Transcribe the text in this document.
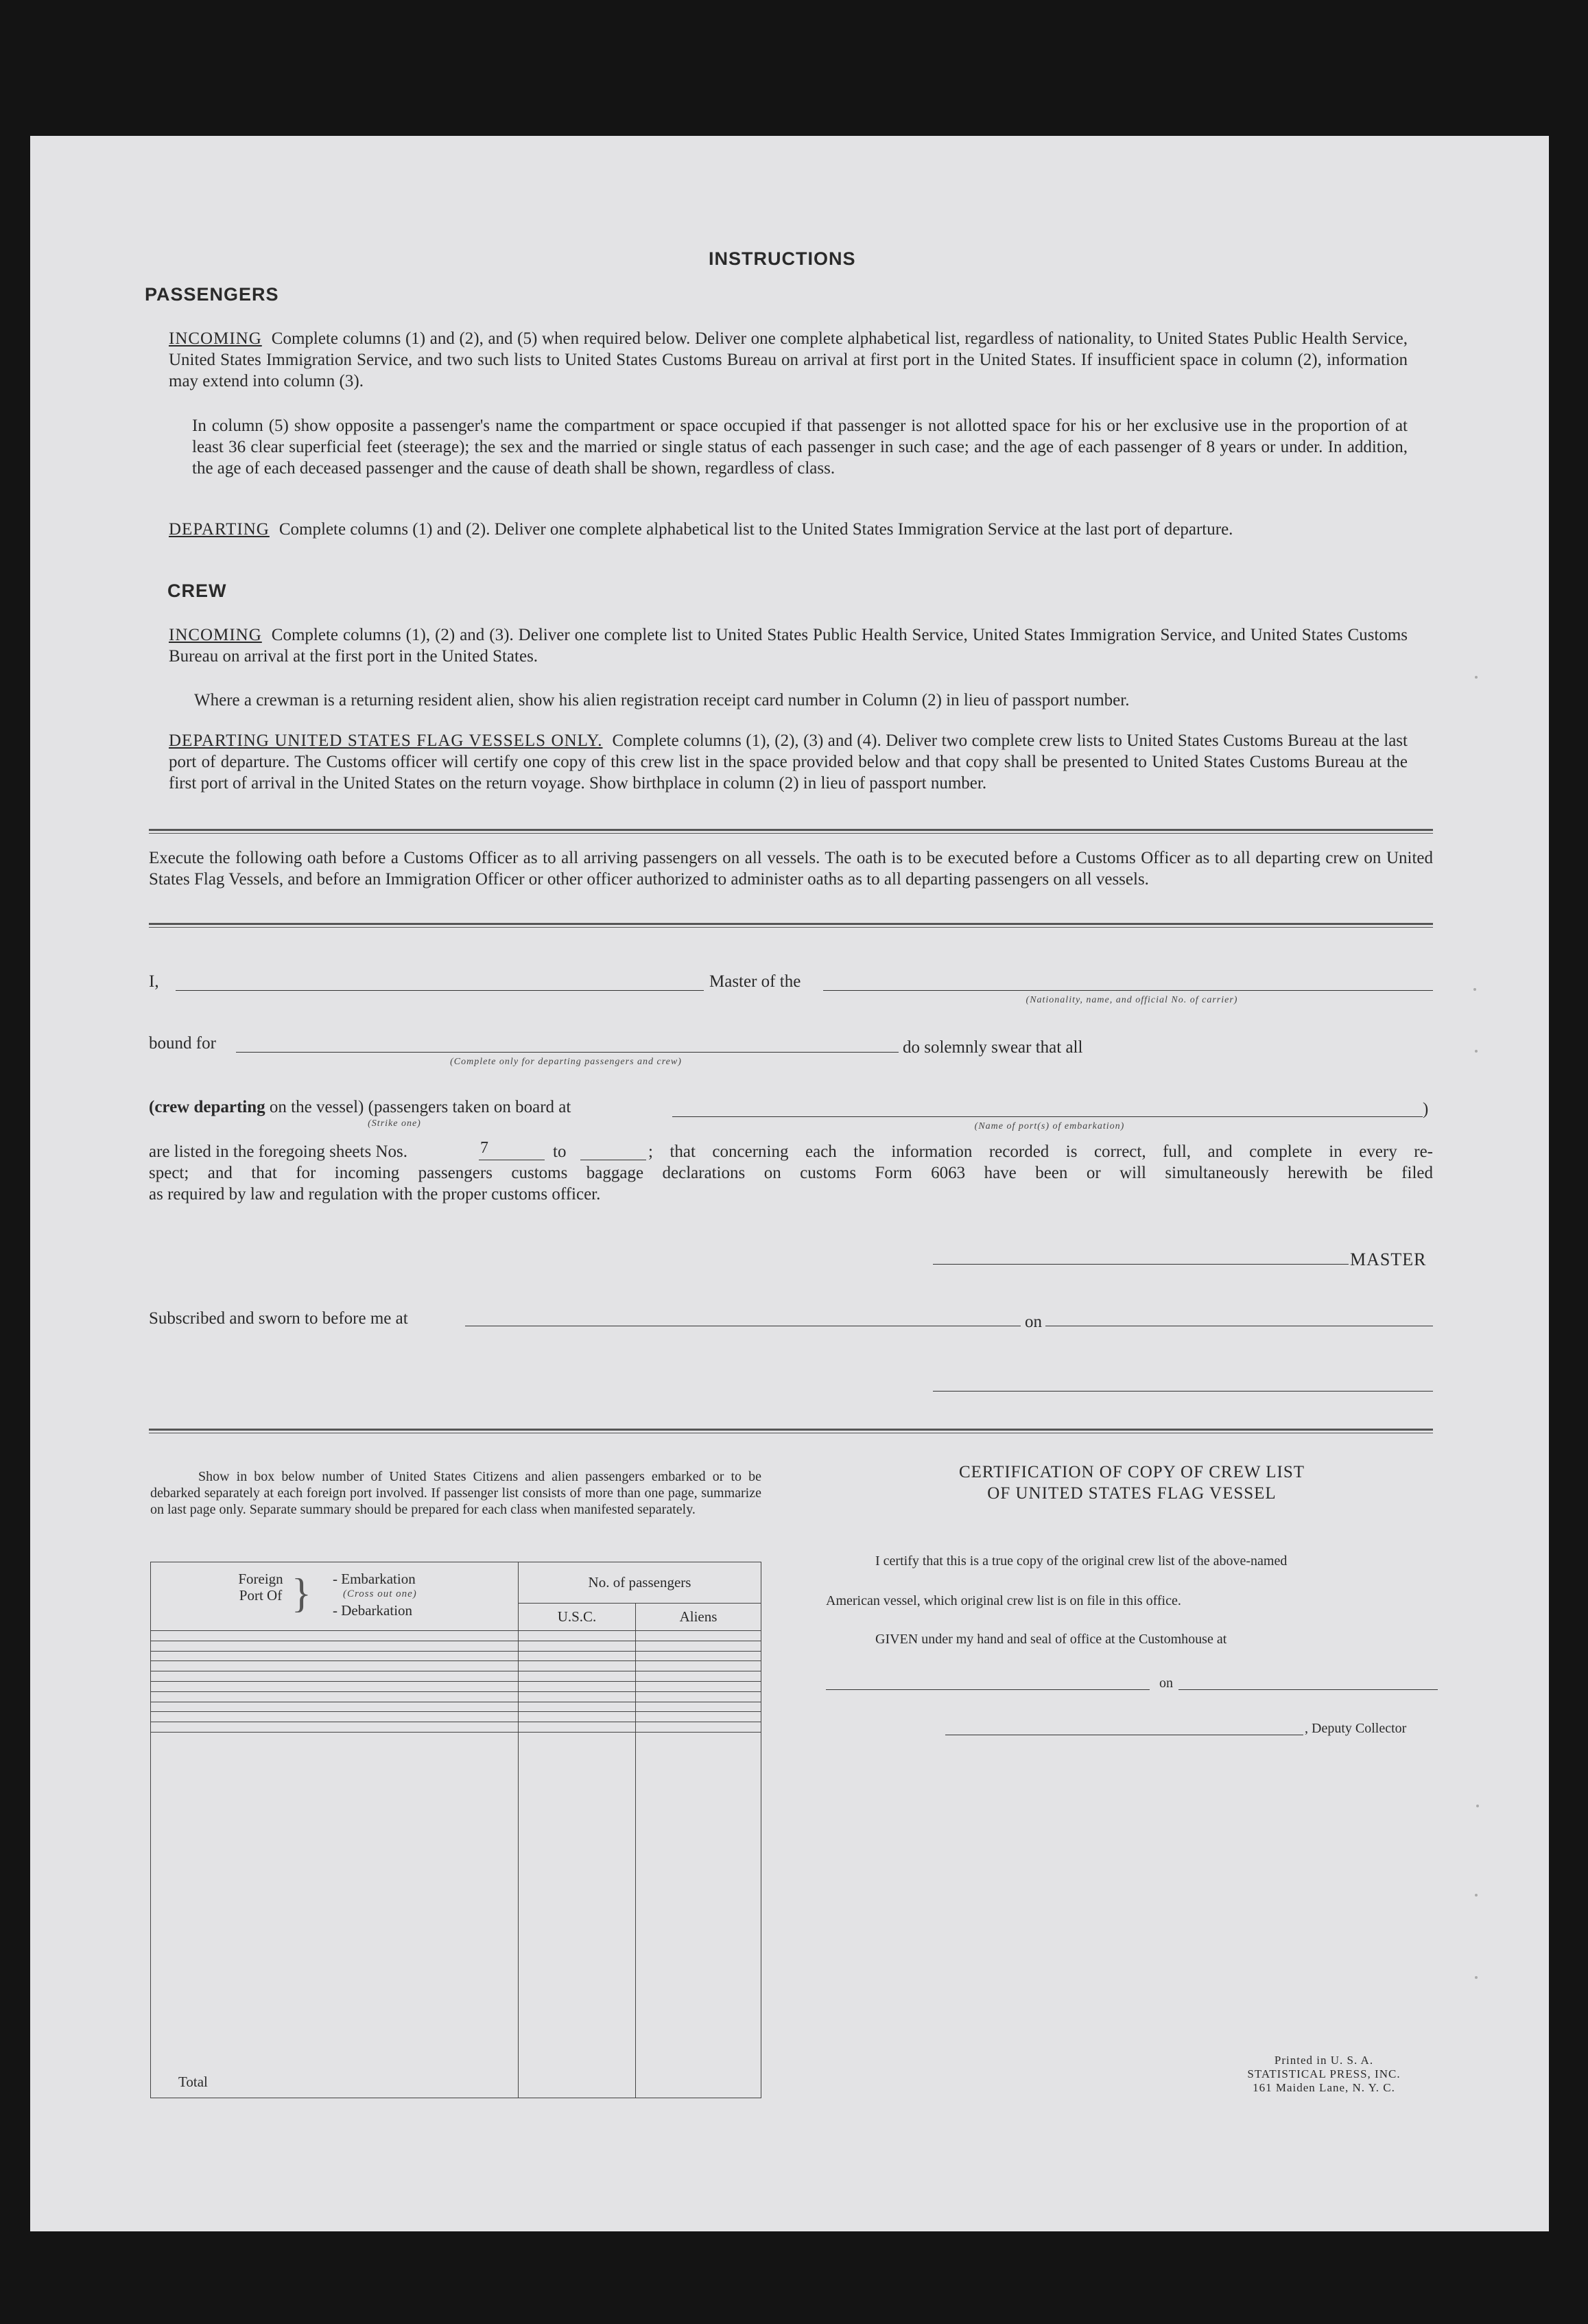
INSTRUCTIONS
PASSENGERS
INCOMING Complete columns (1) and (2), and (5) when required below. Deliver one complete alphabetical list, regardless of nationality, to United States Public Health Service, United States Immigration Service, and two such lists to United States Customs Bureau on arrival at first port in the United States. If insufficient space in column (2), information may extend into column (3).
In column (5) show opposite a passenger's name the compartment or space occupied if that passenger is not allotted space for his or her exclusive use in the proportion of at least 36 clear superficial feet (steerage); the sex and the married or single status of each passenger in such case; and the age of each passenger of 8 years or under. In addition, the age of each deceased passenger and the cause of death shall be shown, regardless of class.
DEPARTING Complete columns (1) and (2). Deliver one complete alphabetical list to the United States Immigration Service at the last port of departure.
CREW
INCOMING Complete columns (1), (2) and (3). Deliver one complete list to United States Public Health Service, United States Immigration Service, and United States Customs Bureau on arrival at the first port in the United States.
Where a crewman is a returning resident alien, show his alien registration receipt card number in Column (2) in lieu of passport number.
DEPARTING UNITED STATES FLAG VESSELS ONLY. Complete columns (1), (2), (3) and (4). Deliver two complete crew lists to United States Customs Bureau at the last port of departure. The Customs officer will certify one copy of this crew list in the space provided below and that copy shall be presented to United States Customs Bureau at the first port of arrival in the United States on the return voyage. Show birthplace in column (2) in lieu of passport number.
Execute the following oath before a Customs Officer as to all arriving passengers on all vessels. The oath is to be executed before a Customs Officer as to all departing crew on United States Flag Vessels, and before an Immigration Officer or other officer authorized to administer oaths as to all departing passengers on all vessels.
I,	Master of the
(Nationality, name, and official No. of carrier)
bound for
(Complete only for departing passengers and crew)
do solemnly swear that all
(crew departing on the vessel) (passengers taken on board at	)
(Strike one)	(Name of port(s) of embarkation)
are listed in the foregoing sheets Nos.	7	to	; that concerning each the information recorded is correct, full, and complete in every re-
spect; and that for incoming passengers customs baggage declarations on customs Form 6063 have been or will simultaneously herewith be filed
as required by law and regulation with the proper customs officer.
MASTER
Subscribed and sworn to before me at	on
Show in box below number of United States Citizens and alien passengers embarked or to be debarked separately at each foreign port involved. If passenger list consists of more than one page, summarize on last page only. Separate summary should be prepared for each class when manifested separately.
Foreign Port Of } - Embarkation
(Cross out one)
- Debarkation	No. of passengers	
	U.S.C.	Aliens

Total		
CERTIFICATION OF COPY OF CREW LIST
OF UNITED STATES FLAG VESSEL
I certify that this is a true copy of the original crew list of the above-named
American vessel, which original crew list is on file in this office.
GIVEN under my hand and seal of office at the Customhouse at
on
, Deputy Collector
Printed in U. S. A.
STATISTICAL PRESS, INC.
161 Maiden Lane, N. Y. C.
